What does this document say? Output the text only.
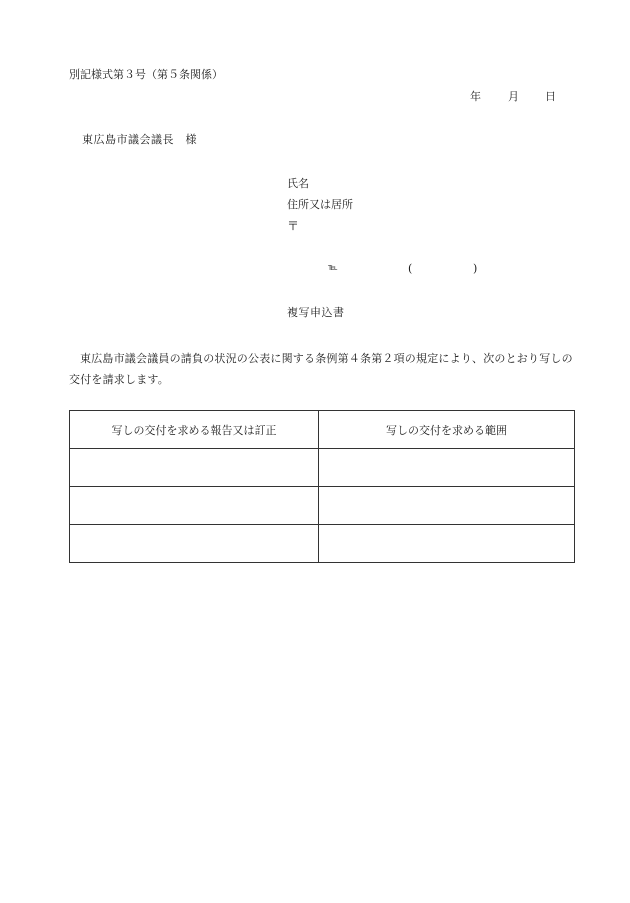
別記様式第３号（第５条関係）
年 月 日
東広島市議会議長　様
氏名
住所又は居所
〒
℡	(	)
複写申込書
東広島市議会議員の請負の状況の公表に関する条例第４条第２項の規定により、次のとおり写しの交付を請求します。
写しの交付を求める報告又は訂正	写しの交付を求める範囲
